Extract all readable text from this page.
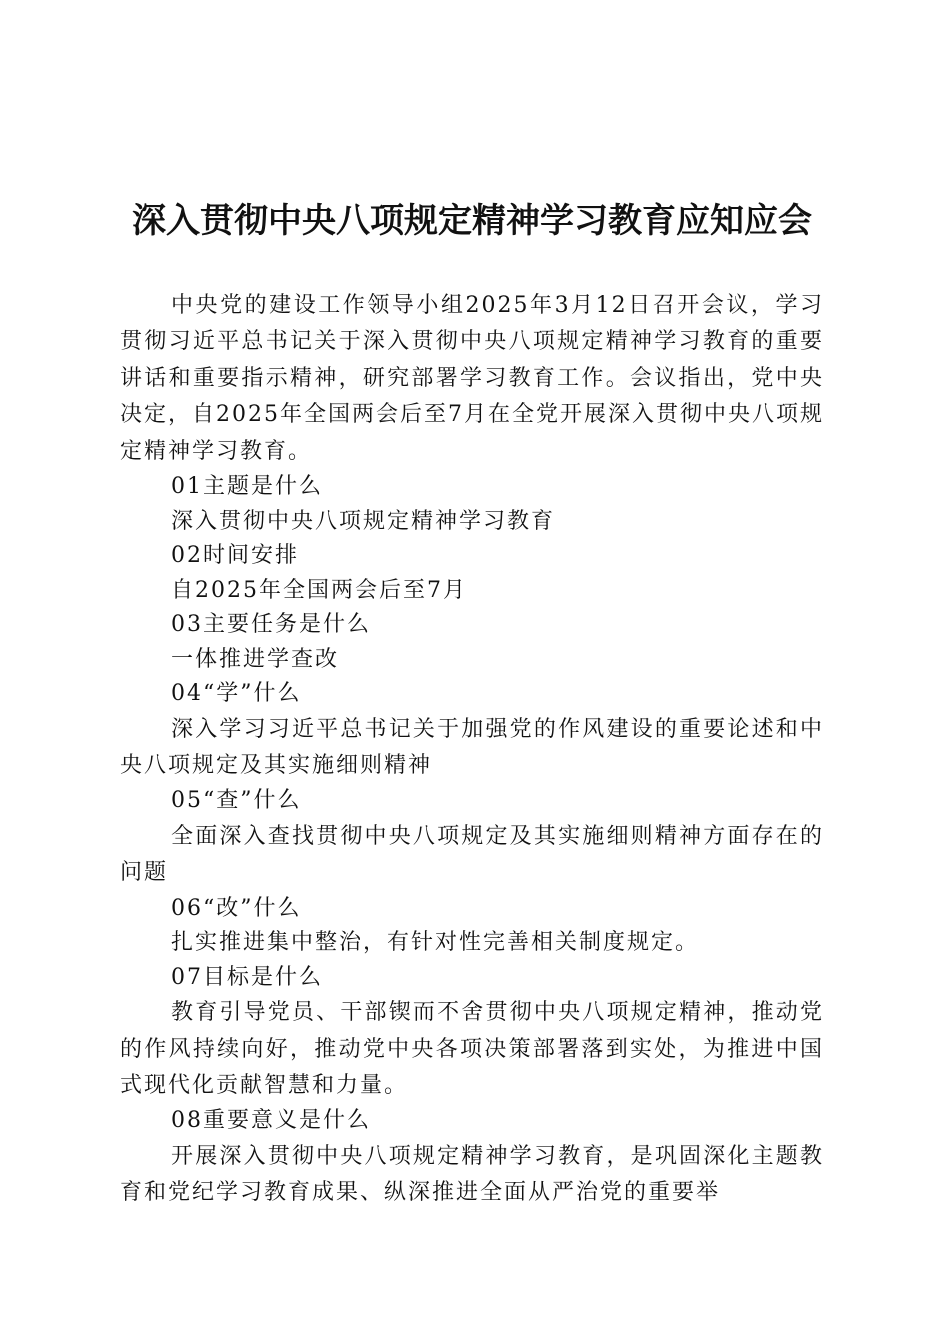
深入贯彻中央八项规定精神学习教育应知应会

中央党的建设工作领导小组2025年3月12日召开会议，学习贯彻习近平总书记关于深入贯彻中央八项规定精神学习教育的重要讲话和重要指示精神，研究部署学习教育工作。会议指出，党中央决定，自2025年全国两会后至7月在全党开展深入贯彻中央八项规定精神学习教育。

01主题是什么

深入贯彻中央八项规定精神学习教育

02时间安排

自2025年全国两会后至7月

03主要任务是什么

一体推进学查改

04“学”什么

深入学习习近平总书记关于加强党的作风建设的重要论述和中央八项规定及其实施细则精神

05“查”什么

全面深入查找贯彻中央八项规定及其实施细则精神方面存在的问题

06“改”什么

扎实推进集中整治，有针对性完善相关制度规定。

07目标是什么

教育引导党员、干部锲而不舍贯彻中央八项规定精神，推动党的作风持续向好，推动党中央各项决策部署落到实处，为推进中国式现代化贡献智慧和力量。

08重要意义是什么

开展深入贯彻中央八项规定精神学习教育，是巩固深化主题教育和党纪学习教育成果、纵深推进全面从严治党的重要举
